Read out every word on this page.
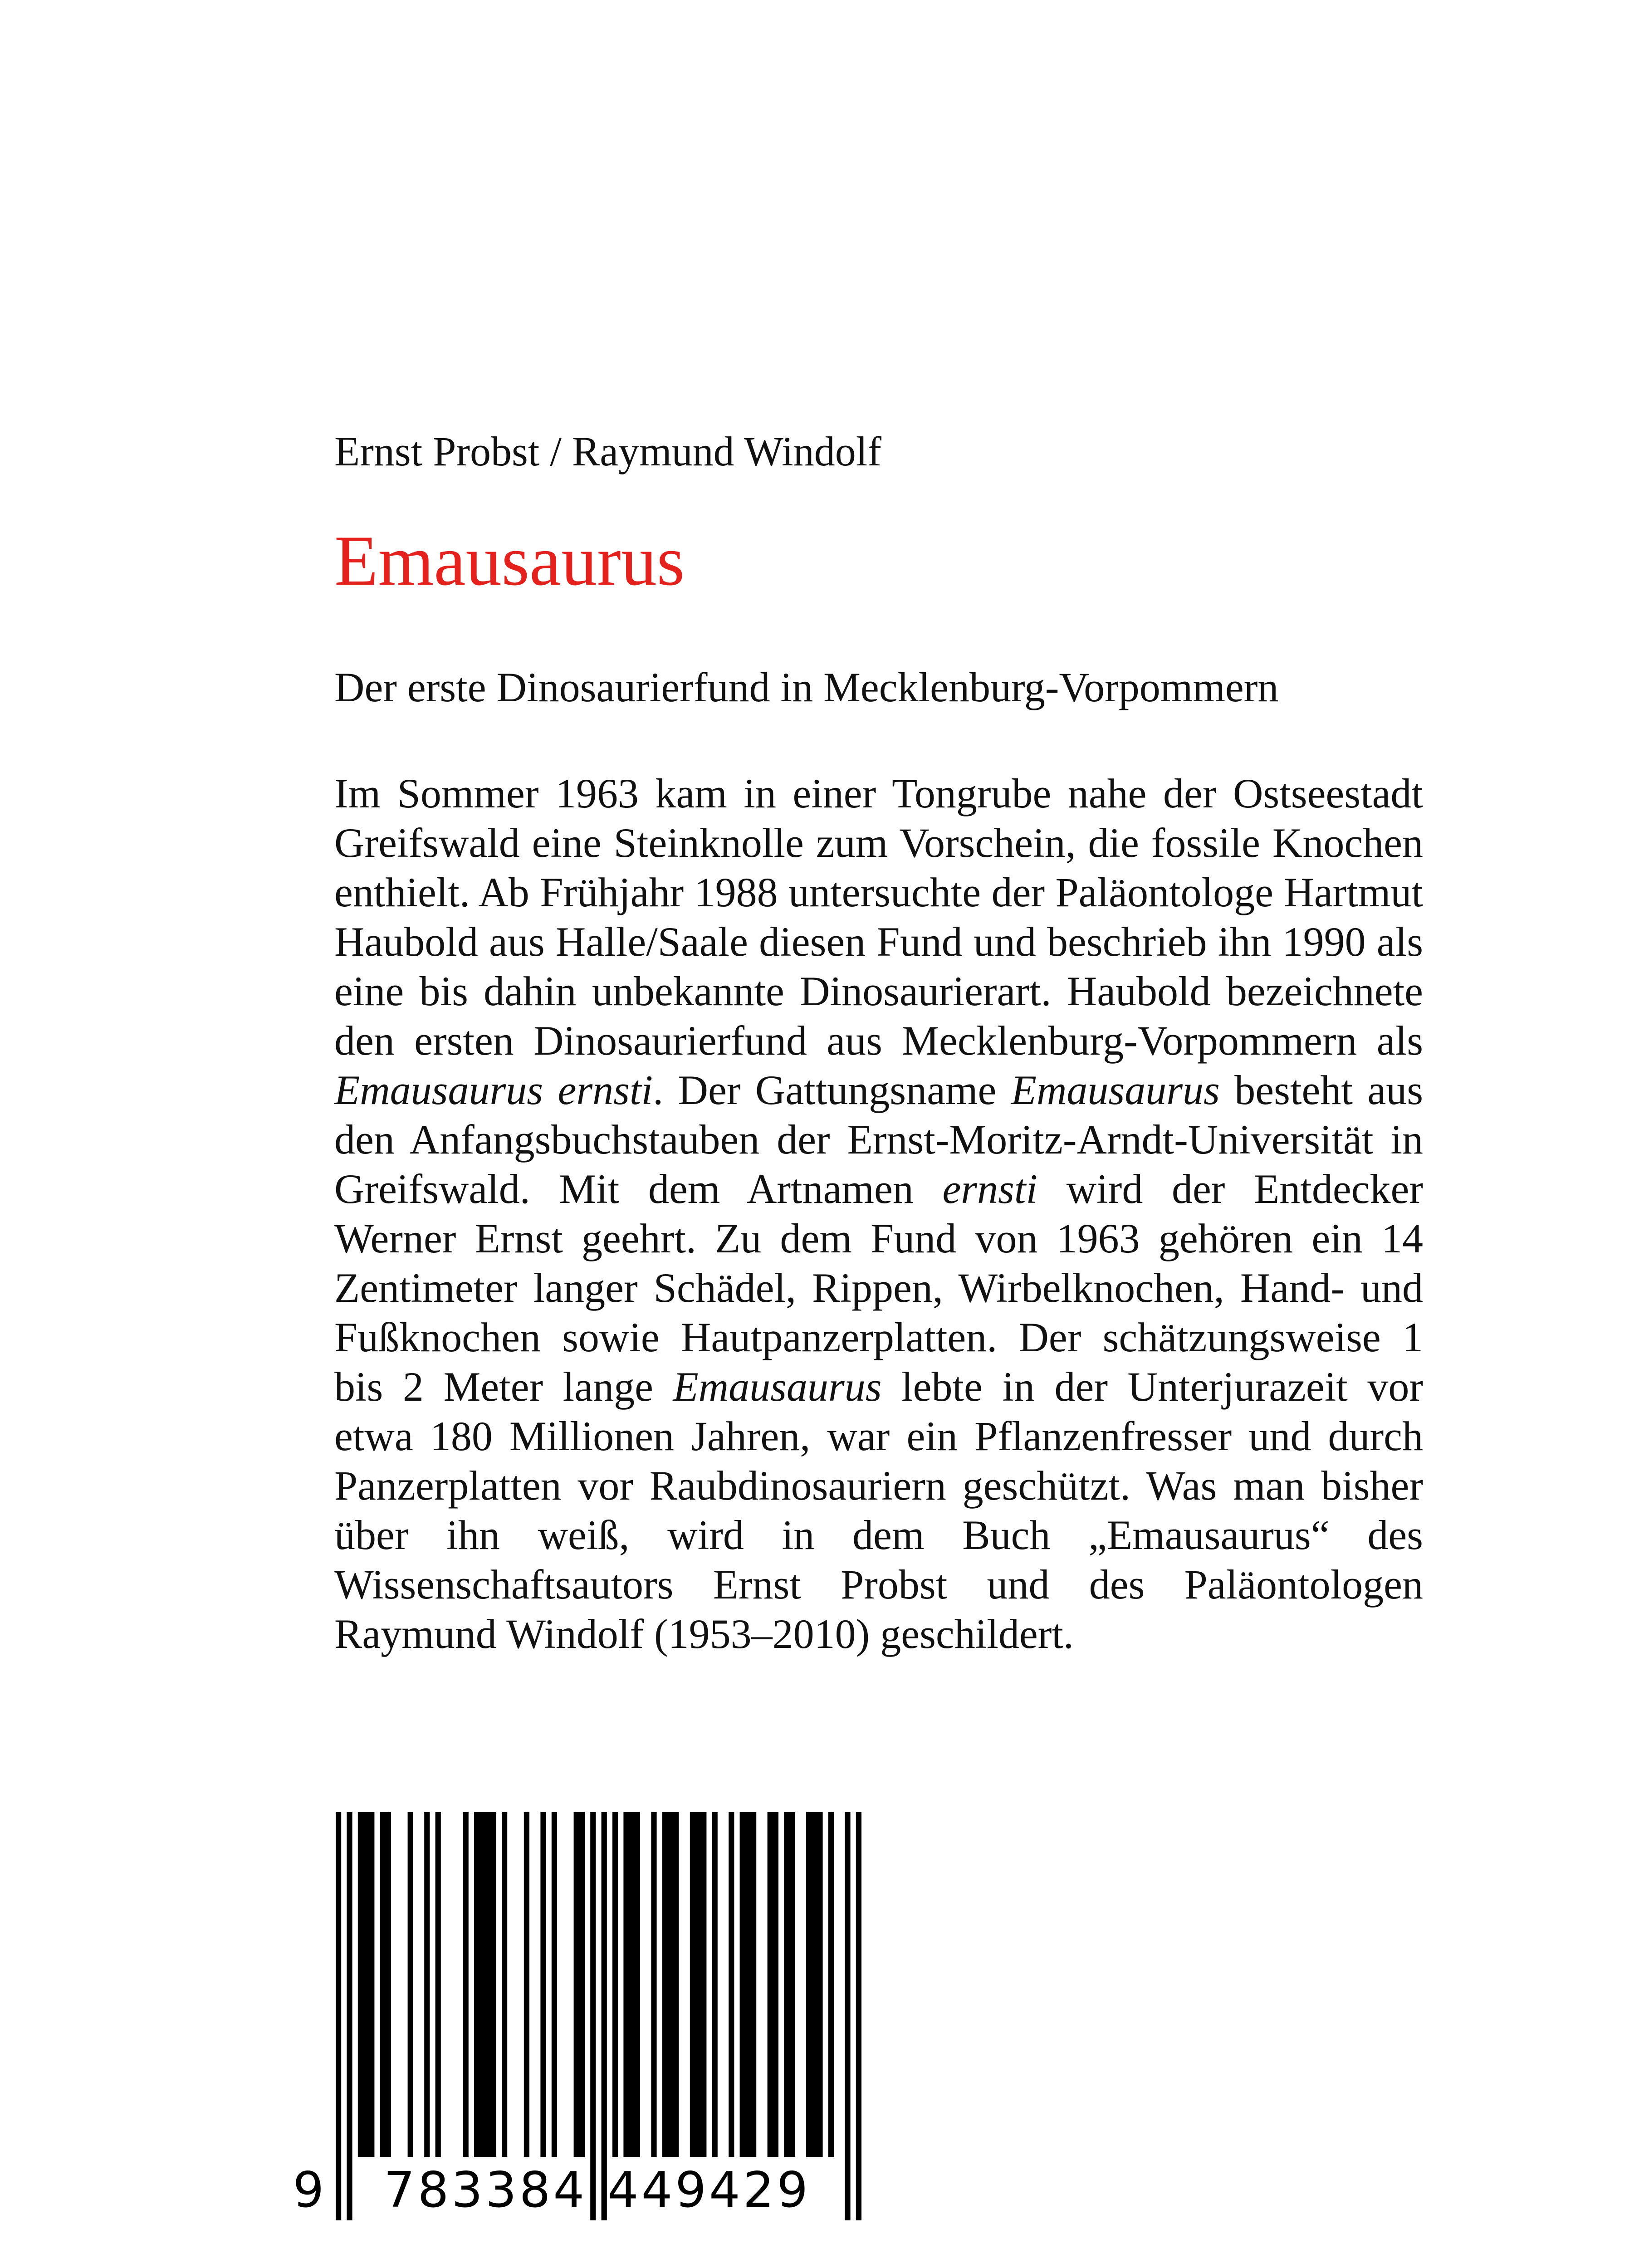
Ernst Probst / Raymund Windolf
Emausaurus
Der erste Dinosaurierfund in Mecklenburg-Vorpommern
Im Sommer 1963 kam in einer Tongrube nahe der Ostseestadt Greifswald eine Steinknolle zum Vorschein, die fossile Knochen enthielt. Ab Frühjahr 1988 untersuchte der Paläontologe Hartmut Haubold aus Halle/Saale diesen Fund und beschrieb ihn 1990 als eine bis dahin unbekannte Dinosaurierart. Haubold bezeichnete den ersten Dinosaurierfund aus Mecklenburg-Vorpommern als Emausaurus ernsti. Der Gattungsname Emausaurus besteht aus den Anfangsbuchstauben der Ernst-Moritz-Arndt-Universität in Greifswald. Mit dem Artnamen ernsti wird der Entdecker Werner Ernst geehrt. Zu dem Fund von 1963 gehören ein 14 Zentimeter langer Schädel, Rippen, Wirbelknochen, Hand- und Fußknochen sowie Hautpanzerplatten. Der schätzungsweise 1 bis 2 Meter lange Emausaurus lebte in der Unterjurazeit vor etwa 180 Millionen Jahren, war ein Pflanzenfresser und durch Panzerplatten vor Raubdinosauriern geschützt. Was man bisher über ihn weiß, wird in dem Buch „Emausaurus“ des Wissenschaftsautors Ernst Probst und des Paläontologen Raymund Windolf (1953–2010) geschildert.
9 783384 449429
